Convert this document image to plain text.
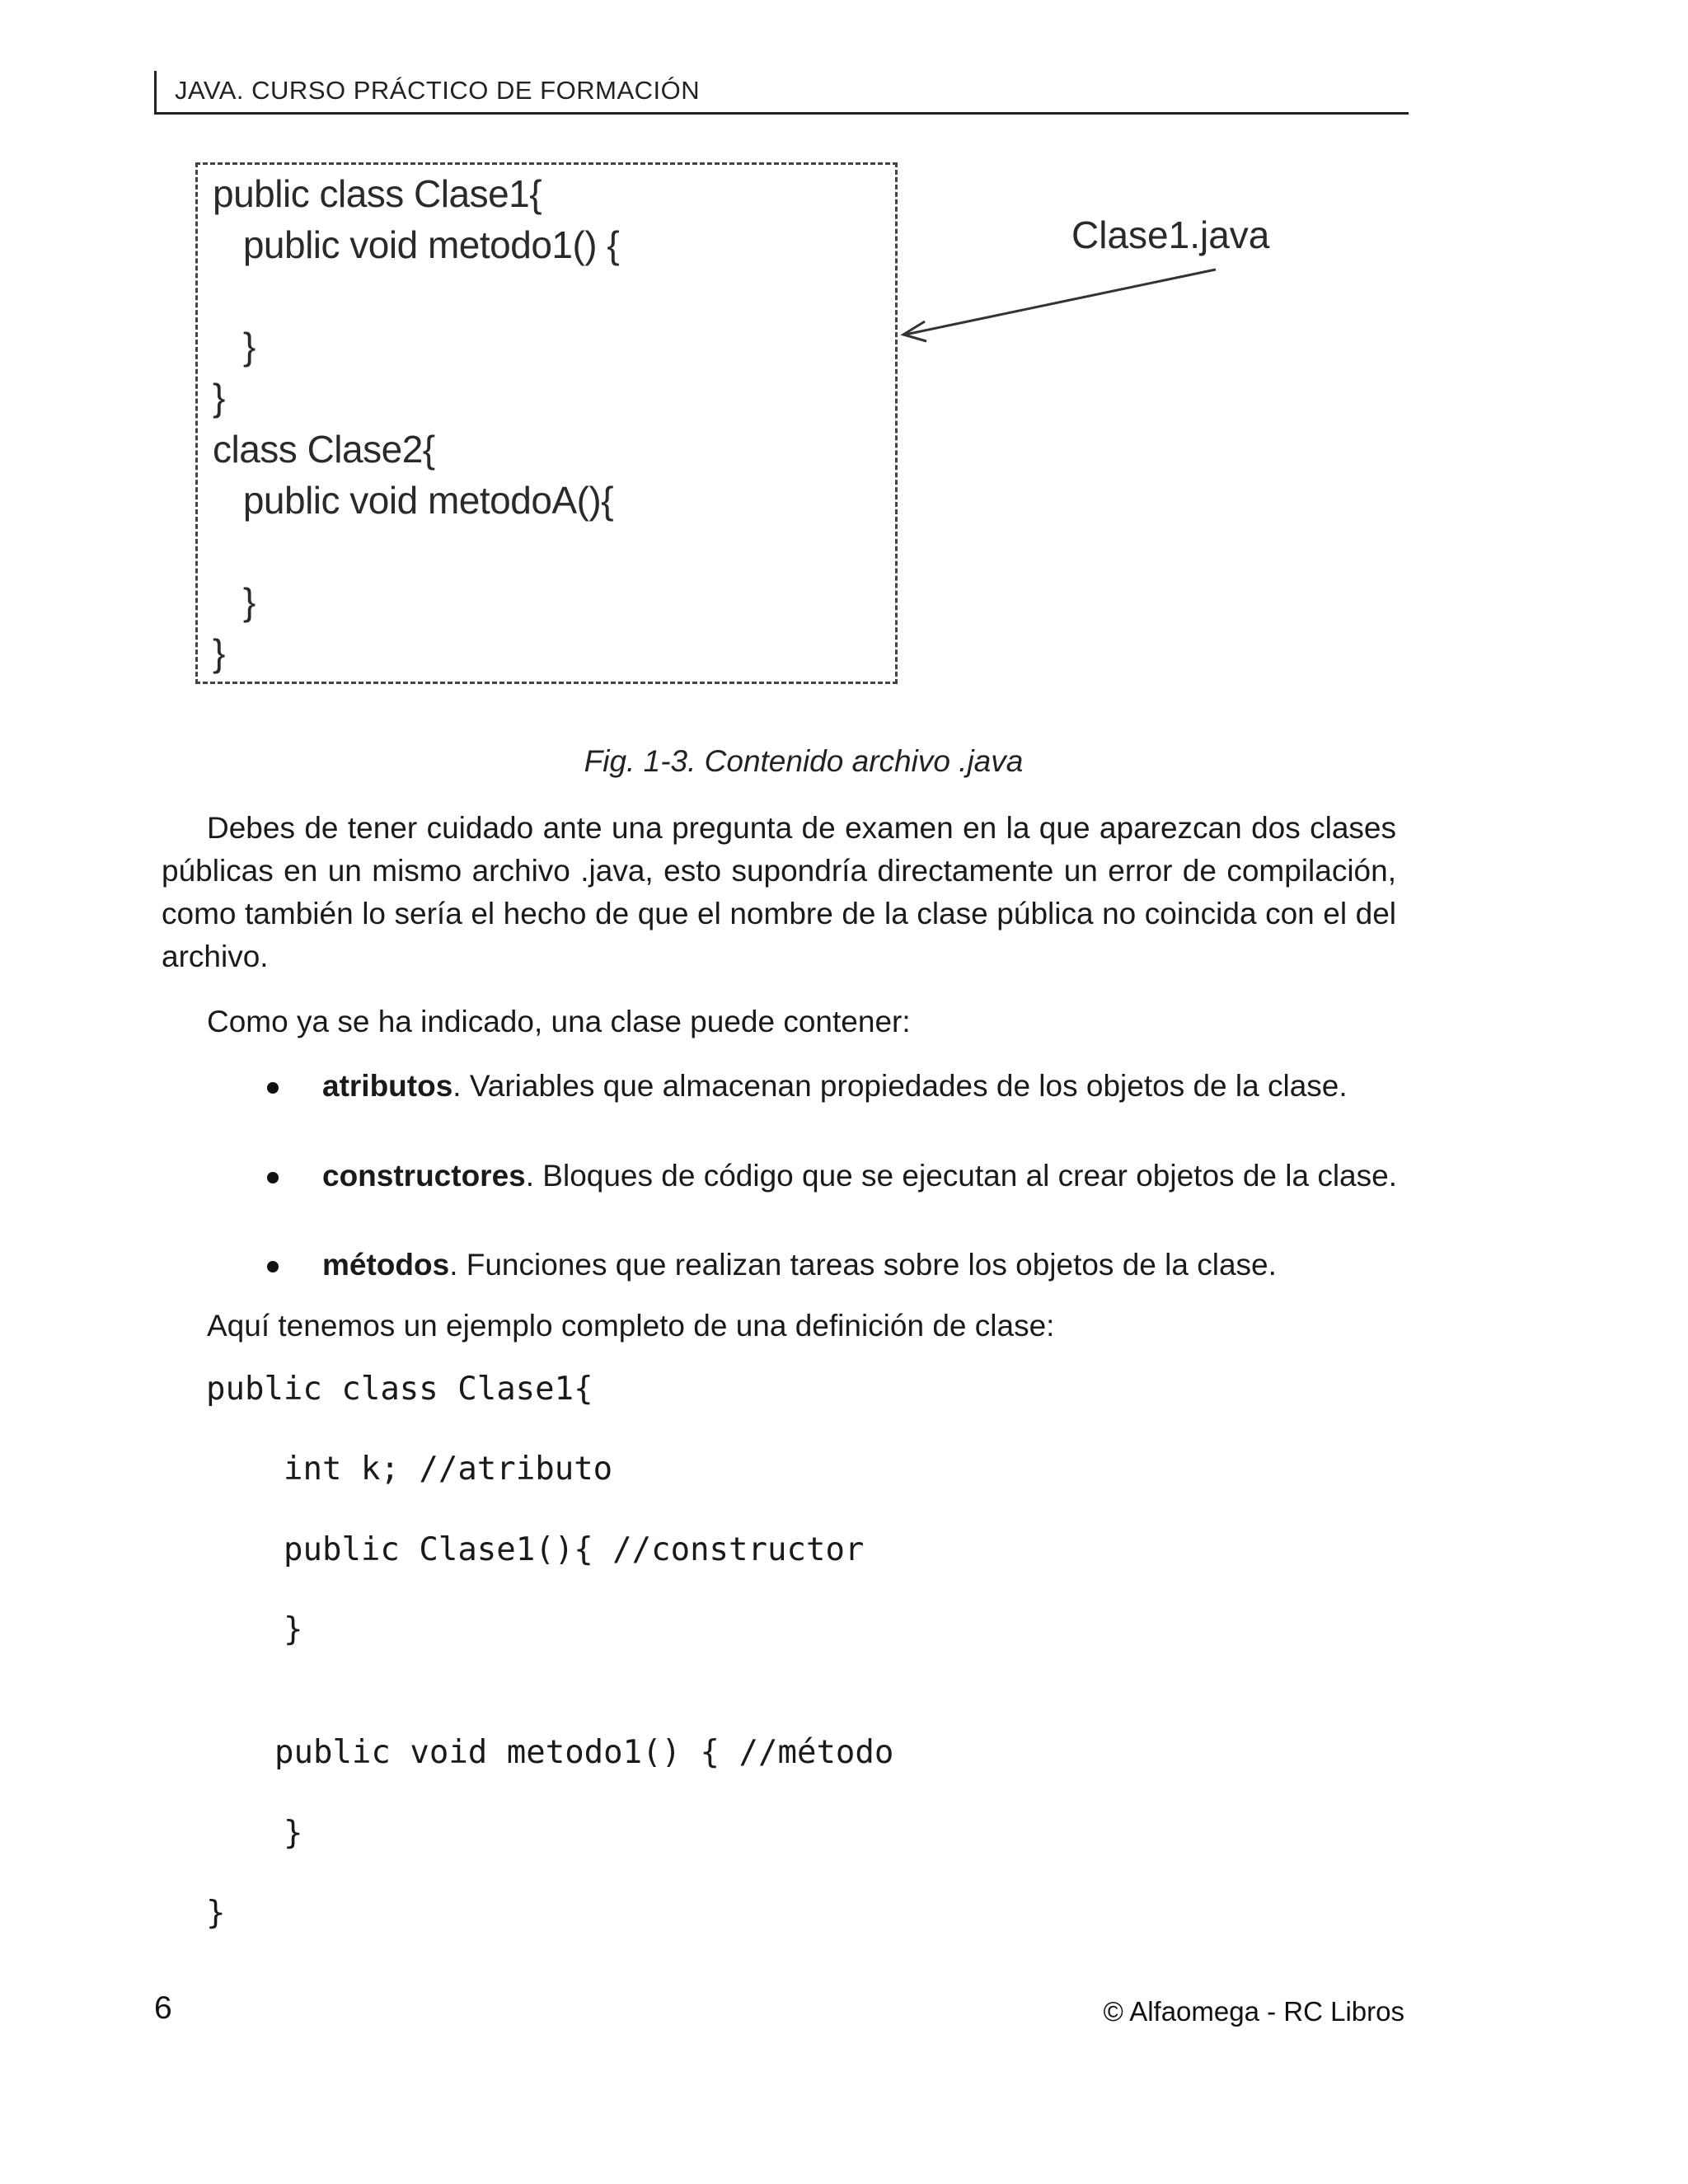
JAVA. CURSO PRÁCTICO DE FORMACIÓN
public class Clase1{
public void metodo1() {
}
}
class Clase2{
public void metodoA(){
}
}
Clase1.java
Fig. 1-3. Contenido archivo .java
Debes de tener cuidado ante una pregunta de examen en la que aparezcan dos clases públicas en un mismo archivo .java, esto supondría directamente un error de compilación, como también lo sería el hecho de que el nombre de la clase pública no coincida con el del archivo.
Como ya se ha indicado, una clase puede contener:
atributos. Variables que almacenan propiedades de los objetos de la clase.
constructores. Bloques de código que se ejecutan al crear objetos de la clase.
métodos. Funciones que realizan tareas sobre los objetos de la clase.
Aquí tenemos un ejemplo completo de una definición de clase:
public class Clase1{
int k; //atributo
public Clase1(){ //constructor
}
public void metodo1() { //método
}
}
6	© Alfaomega - RC Libros
